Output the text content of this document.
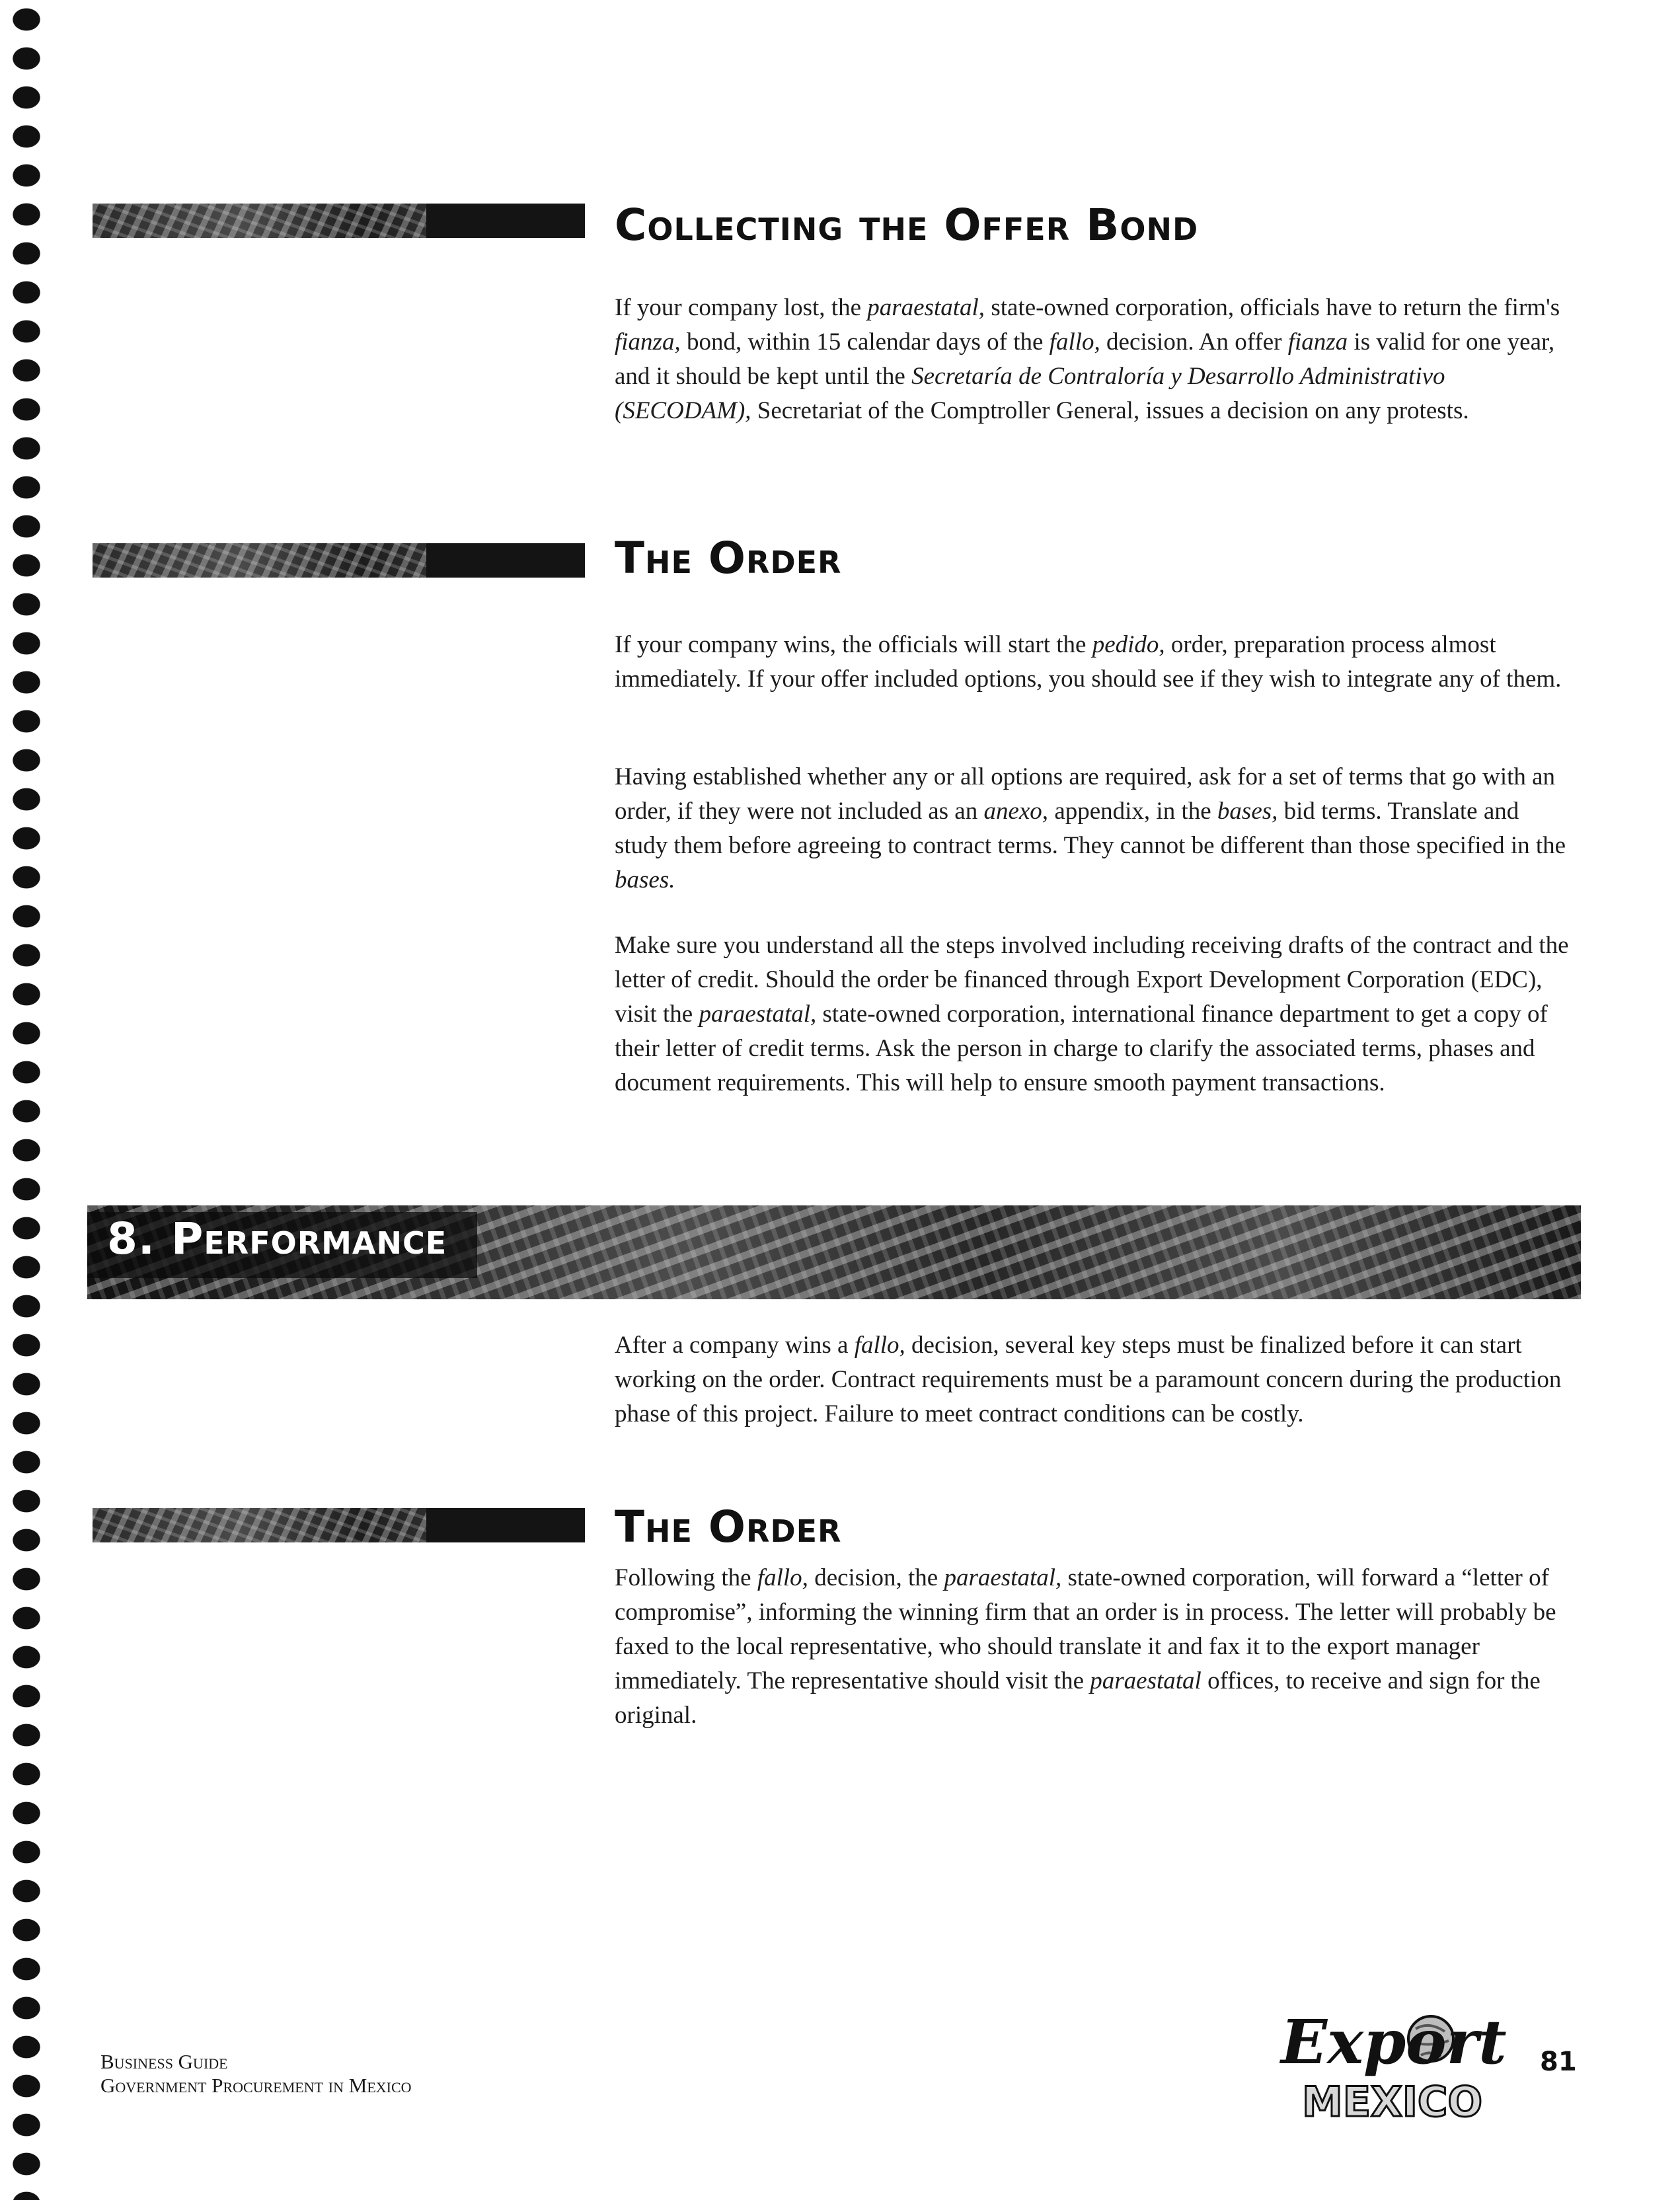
Collecting the Offer Bond

If your company lost, the paraestatal, state-owned corporation, officials have to return the firm's fianza, bond, within 15 calendar days of the fallo, decision. An offer fianza is valid for one year, and it should be kept until the Secretaría de Contraloría y Desarrollo Administrativo (SECODAM), Secretariat of the Comptroller General, issues a decision on any protests.

The Order

If your company wins, the officials will start the pedido, order, preparation process almost immediately. If your offer included options, you should see if they wish to integrate any of them.

Having established whether any or all options are required, ask for a set of terms that go with an order, if they were not included as an anexo, appendix, in the bases, bid terms. Translate and study them before agreeing to contract terms. They cannot be different than those specified in the bases.

Make sure you understand all the steps involved including receiving drafts of the contract and the letter of credit. Should the order be financed through Export Development Corporation (EDC), visit the paraestatal, state-owned corporation, international finance department to get a copy of their letter of credit terms. Ask the person in charge to clarify the associated terms, phases and document requirements. This will help to ensure smooth payment transactions.

8. Performance

After a company wins a fallo, decision, several key steps must be finalized before it can start working on the order. Contract requirements must be a paramount concern during the production phase of this project. Failure to meet contract conditions can be costly.

The Order

Following the fallo, decision, the paraestatal, state-owned corporation, will forward a “letter of compromise”, informing the winning firm that an order is in process. The letter will probably be faxed to the local representative, who should translate it and fax it to the export manager immediately. The representative should visit the paraestatal offices, to receive and sign for the original.

Business Guide
Government Procurement in Mexico
Export
MEXICO
81
